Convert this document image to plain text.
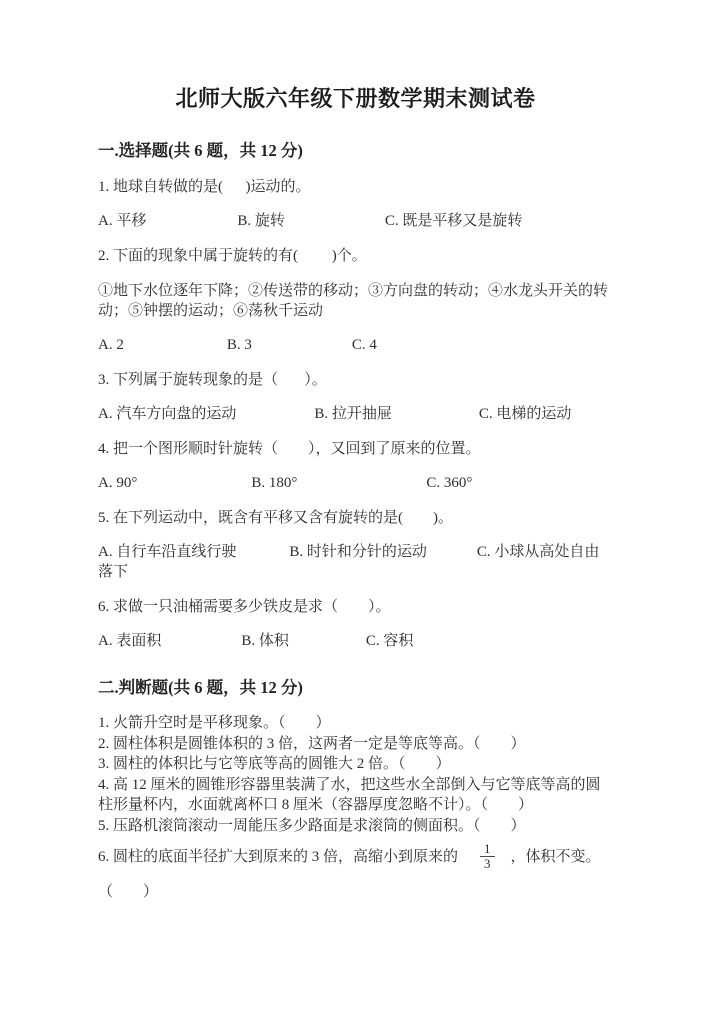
北师大版六年级下册数学期末测试卷
一.选择题(共 6 题，共 12 分)

1. 地球自转做的是(      )运动的。

A. 平移	B. 旋转	C. 既是平移又是旋转

2. 下面的现象中属于旋转的有(         )个。

①地下水位逐年下降；②传送带的移动；③方向盘的转动；④水龙头开关的转动；⑤钟摆的运动；⑥荡秋千运动

A. 2	B. 3	C. 4

3. 下列属于旋转现象的是（       ）。

A. 汽车方向盘的运动	B. 拉开抽屉	C. 电梯的运动

4. 把一个图形顺时针旋转（        ），又回到了原来的位置。

A. 90°	B. 180°	C. 360°

5. 在下列运动中，既含有平移又含有旋转的是(        )。

A. 自行车沿直线行驶	B. 时针和分针的运动	C. 小球从高处自由落下

6. 求做一只油桶需要多少铁皮是求（        ）。

A. 表面积	B. 体积	C. 容积

二.判断题(共 6 题，共 12 分)

1. 火箭升空时是平移现象。（        ）

2. 圆柱体积是圆锥体积的 3 倍，这两者一定是等底等高。（        ）

3. 圆柱的体积比与它等底等高的圆锥大 2 倍。（        ）

4. 高 12 厘米的圆锥形容器里装满了水，把这些水全部倒入与它等底等高的圆柱形量杯内，水面就离杯口 8 厘米（容器厚度忽略不计）。（        ）

5. 压路机滚筒滚动一周能压多少路面是求滚筒的侧面积。（        ）

6. 圆柱的底面半径扩大到原来的 3 倍，高缩小到原来的 $\frac{1}{3}$ ，体积不变。

（        ）
